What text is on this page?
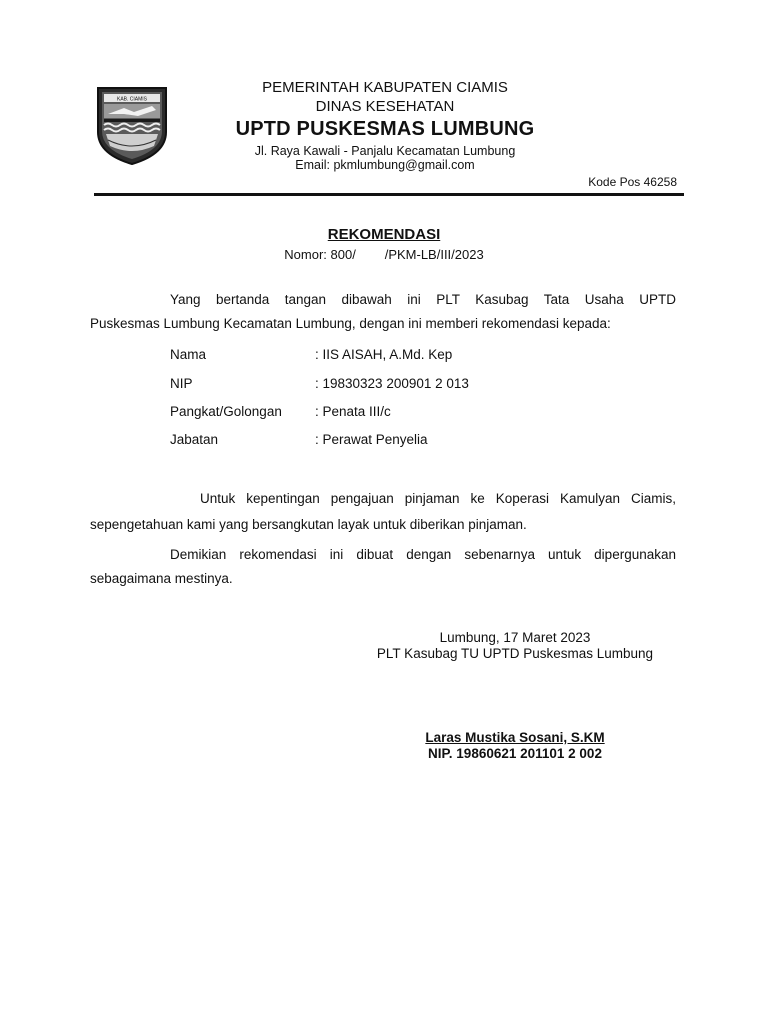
KAB. CIAMIS
PEMERINTAH KABUPATEN CIAMIS
DINAS KESEHATAN
UPTD PUSKESMAS LUMBUNG
Jl. Raya Kawali - Panjalu Kecamatan Lumbung
Email: pkmlumbung@gmail.com
Kode Pos 46258
REKOMENDASI
Nomor: 800/        /PKM-LB/III/2023
Yang bertanda tangan dibawah ini PLT Kasubag Tata Usaha UPTD
Puskesmas Lumbung Kecamatan Lumbung, dengan ini memberi rekomendasi kepada:
Nama	: IIS AISAH, A.Md. Kep
NIP	: 19830323 200901 2 013
Pangkat/Golongan : Penata III/c
Jabatan	: Perawat Penyelia
Untuk kepentingan pengajuan pinjaman ke Koperasi Kamulyan Ciamis,
sepengetahuan kami yang bersangkutan layak untuk diberikan pinjaman.
Demikian rekomendasi ini dibuat dengan sebenarnya untuk dipergunakan
sebagaimana mestinya.
Lumbung, 17 Maret 2023
PLT Kasubag TU UPTD Puskesmas Lumbung
Laras Mustika Sosani, S.KM
NIP. 19860621 201101 2 002
